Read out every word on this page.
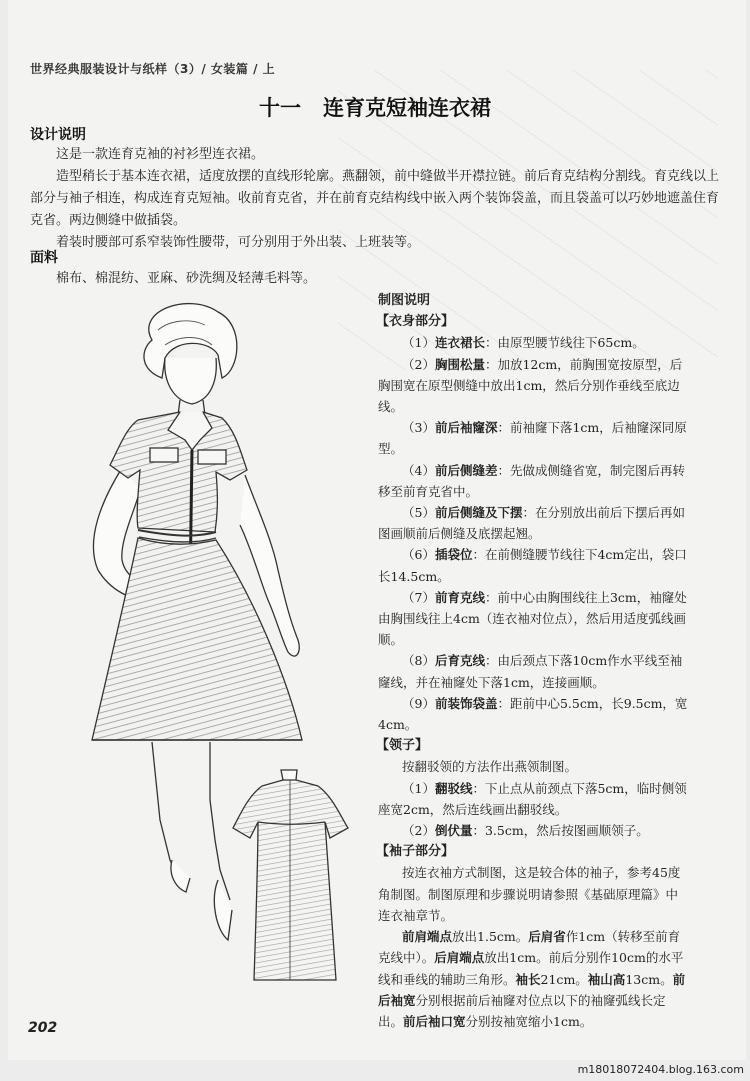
世界经典服装设计与纸样（3）/ 女装篇 / 上
十一 连育克短袖连衣裙
设计说明

这是一款连育克袖的衬衫型连衣裙。

造型稍长于基本连衣裙，适度放摆的直线形轮廓。燕翻领，前中缝做半开襟拉链。前后育克结构分割线。育克线以上部分与袖子相连，构成连育克短袖。收前育克省，并在前育克结构线中嵌入两个装饰袋盖，而且袋盖可以巧妙地遮盖住育克省。两边侧缝中做插袋。

着装时腰部可系窄装饰性腰带，可分别用于外出装、上班装等。

面料

棉布、棉混纺、亚麻、砂洗绸及轻薄毛料等。

制图说明

【衣身部分】

（1）连衣裙长：由原型腰节线往下65cm。

（2）胸围松量：加放12cm，前胸围宽按原型，后胸围宽在原型侧缝中放出1cm，然后分别作垂线至底边线。

（3）前后袖窿深：前袖窿下落1cm，后袖窿深同原型。

（4）前后侧缝差：先做成侧缝省宽，制完图后再转移至前育克省中。

（5）前后侧缝及下摆：在分别放出前后下摆后再如图画顺前后侧缝及底摆起翘。

（6）插袋位：在前侧缝腰节线往下4cm定出，袋口长14.5cm。

（7）前育克线：前中心由胸围线往上3cm，袖窿处由胸围线往上4cm（连衣袖对位点），然后用适度弧线画顺。

（8）后育克线：由后颈点下落10cm作水平线至袖窿线，并在袖窿处下落1cm，连接画顺。

（9）前装饰袋盖：距前中心5.5cm，长9.5cm，宽4cm。

【领子】

按翻驳领的方法作出燕领制图。

（1）翻驳线：下止点从前颈点下落5cm，临时侧领座宽2cm，然后连线画出翻驳线。

（2）倒伏量：3.5cm，然后按图画顺领子。

【袖子部分】

按连衣袖方式制图，这是较合体的袖子，参考45度角制图。制图原理和步骤说明请参照《基础原理篇》中连衣袖章节。

前肩端点放出1.5cm。后肩省作1cm（转移至前育克线中）。后肩端点放出1cm。前后分别作10cm的水平线和垂线的辅助三角形。袖长21cm。袖山高13cm。前后袖宽分别根据前后袖窿对位点以下的袖窿弧线长定出。前后袖口宽分别按袖宽缩小1cm。

202
m18018072404.blog.163.com
